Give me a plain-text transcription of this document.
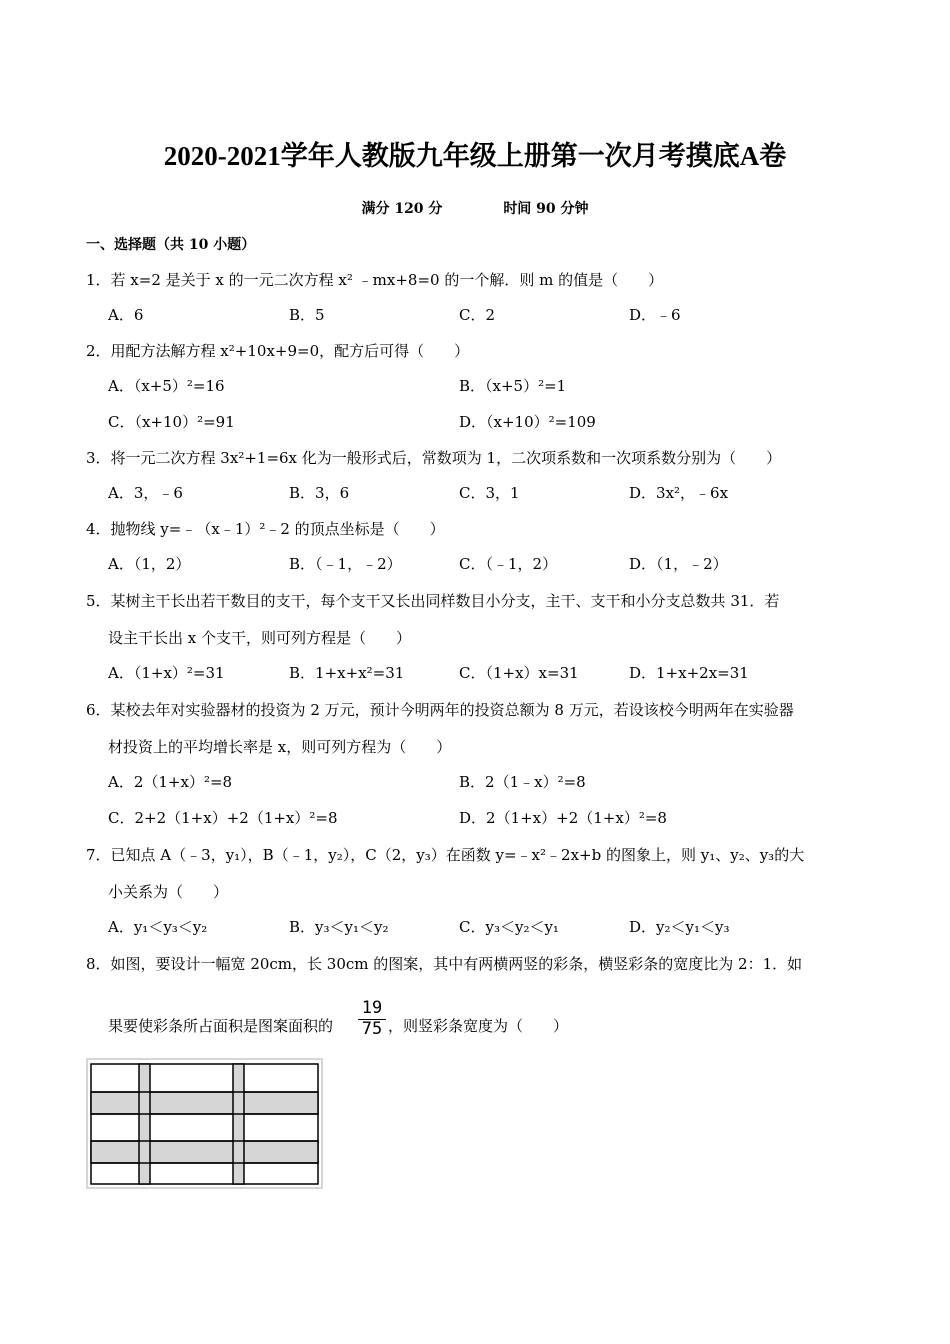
2020-2021学年人教版九年级上册第一次月考摸底A卷
满分 120 分	时间 90 分钟
一、选择题（共 10 小题）
1．若 x=2 是关于 x 的一元二次方程 x² ﹣mx+8=0 的一个解．则 m 的值是（　　）
A．6	B．5	C．2	D．﹣6
2．用配方法解方程 x²+10x+9=0，配方后可得（　　）
A．（x+5）²=16	B．（x+5）²=1
C．（x+10）²=91	D．（x+10）²=109
3．将一元二次方程 3x²+1=6x 化为一般形式后，常数项为 1，二次项系数和一次项系数分别为（　　）
A．3，﹣6	B．3，6	C．3，1	D．3x²，﹣6x
4．抛物线 y=﹣（x﹣1）²﹣2 的顶点坐标是（　　）
A．（1，2）	B．（﹣1，﹣2）	C．（﹣1，2）	D．（1，﹣2）
5．某树主干长出若干数目的支干，每个支干又长出同样数目小分支，主干、支干和小分支总数共 31．若
设主干长出 x 个支干，则可列方程是（　　）
A．（1+x）²=31	B．1+x+x²=31	C．（1+x）x=31	D．1+x+2x=31
6．某校去年对实验器材的投资为 2 万元，预计今明两年的投资总额为 8 万元，若设该校今明两年在实验器
材投资上的平均增长率是 x，则可列方程为（　　）
A．2（1+x）²=8	B．2（1﹣x）²=8
C．2+2（1+x）+2（1+x）²=8	D．2（1+x）+2（1+x）²=8
7．已知点 A（﹣3，y₁），B（﹣1，y₂），C（2，y₃）在函数 y=﹣x²﹣2x+b 的图象上，则 y₁、y₂、y₃的大
小关系为（　　）
A．y₁＜y₃＜y₂	B．y₃＜y₁＜y₂	C．y₃＜y₂＜y₁	D．y₂＜y₁＜y₃
8．如图，要设计一幅宽 20cm，长 30cm 的图案，其中有两横两竖的彩条，横竖彩条的宽度比为 2：1．如
果要使彩条所占面积是图案面积的 $\frac{19}{75}$ ，则竖彩条宽度为（　　）
